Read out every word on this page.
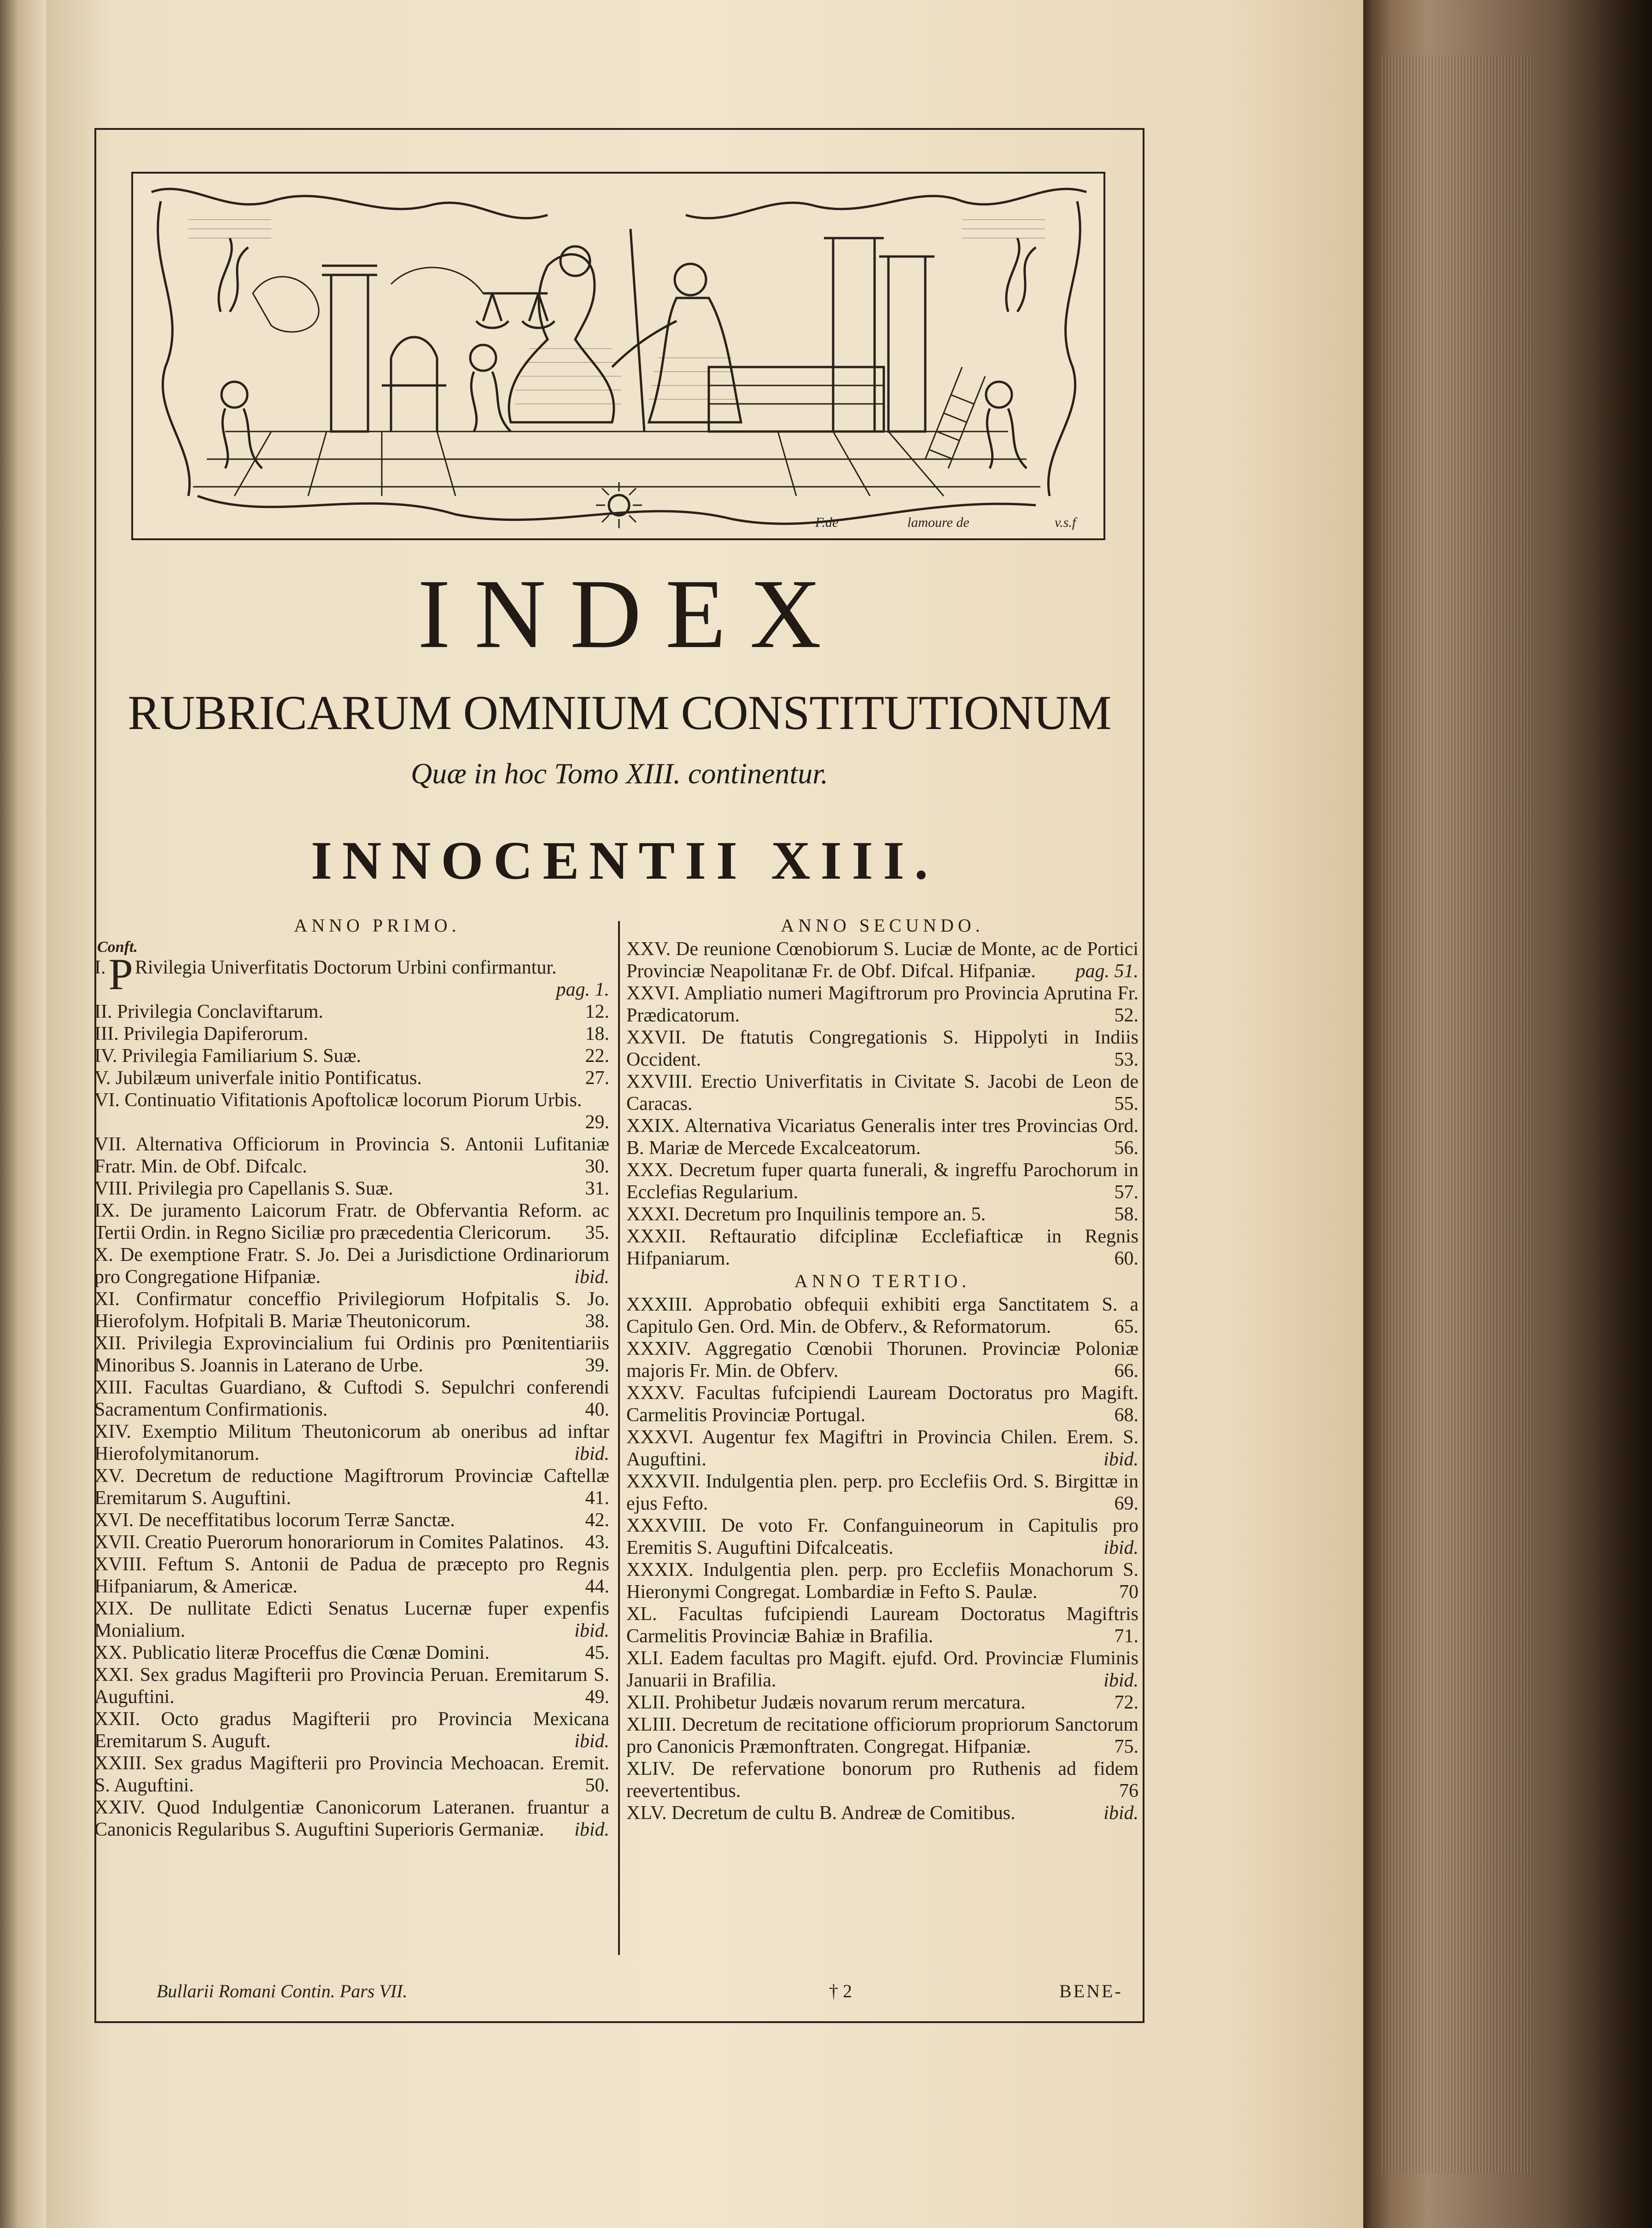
F.de	lamoure de	v.s.f
INDEX
RUBRICARUM OMNIUM CONSTITUTIONUM
Quæ in hoc Tomo XIII. continentur.
INNOCENTII XIII.
ANNO PRIMO.
Conft.
I. P Rivilegia Univerfitatis Doctorum Urbini confirmantur.
pag. 1.
II. Privilegia Conclaviftarum.	12.
III. Privilegia Dapiferorum.	18.
IV. Privilegia Familiarium S. Suæ.	22.
V. Jubilæum univerfale initio Pontificatus.	27.
VI. Continuatio Vifitationis Apoftolicæ locorum Piorum Urbis.
29.
VII. Alternativa Officiorum in Provincia S. Antonii Lufitaniæ Fratr. Min. de Obf. Difcalc.	30.
VIII. Privilegia pro Capellanis S. Suæ.	31.
IX. De juramento Laicorum Fratr. de Obfervantia Reform. ac Tertii Ordin. in Regno Siciliæ pro præcedentia Clericorum. 35.
X. De exemptione Fratr. S. Jo. Dei a Jurisdictione Ordinariorum pro Congregatione Hifpaniæ.	ibid.
XI. Confirmatur conceffio Privilegiorum Hofpitalis S. Jo. Hierofolym. Hofpitali B. Mariæ Theutonicorum.	38.
XII. Privilegia Exprovincialium fui Ordinis pro Pœnitentiariis Minoribus S. Joannis in Laterano de Urbe.	39.
XIII. Facultas Guardiano, & Cuftodi S. Sepulchri conferendi Sacramentum Confirmationis.	40.
XIV. Exemptio Militum Theutonicorum ab oneribus ad inftar Hierofolymitanorum.	ibid.
XV. Decretum de reductione Magiftrorum Provinciæ Caftellæ Eremitarum S. Auguftini.	41.
XVI. De neceffitatibus locorum Terræ Sanctæ.	42.
XVII. Creatio Puerorum honorariorum in Comites Palatinos. 43.
XVIII. Feftum S. Antonii de Padua de præcepto pro Regnis Hifpaniarum, & Americæ.	44.
XIX. De nullitate Edicti Senatus Lucernæ fuper expenfis Monialium.	ibid.
XX. Publicatio literæ Proceffus die Cœnæ Domini.	45.
XXI. Sex gradus Magifterii pro Provincia Peruan. Eremitarum S. Auguftini.	49.
XXII. Octo gradus Magifterii pro Provincia Mexicana Eremitarum S. Auguft.	ibid.
XXIII. Sex gradus Magifterii pro Provincia Mechoacan. Eremit. S. Auguftini.	50.
XXIV. Quod Indulgentiæ Canonicorum Lateranen. fruantur a Canonicis Regularibus S. Auguftini Superioris Germaniæ. ibid.
ANNO SECUNDO.
XXV. De reunione Cœnobiorum S. Luciæ de Monte, ac de Portici Provinciæ Neapolitanæ Fr. de Obf. Difcal. Hifpaniæ. pag. 51.
XXVI. Ampliatio numeri Magiftrorum pro Provincia Aprutina Fr. Prædicatorum.	52.
XXVII. De ftatutis Congregationis S. Hippolyti in Indiis Occident.	53.
XXVIII. Erectio Univerfitatis in Civitate S. Jacobi de Leon de Caracas.	55.
XXIX. Alternativa Vicariatus Generalis inter tres Provincias Ord. B. Mariæ de Mercede Excalceatorum.	56.
XXX. Decretum fuper quarta funerali, & ingreffu Parochorum in Ecclefias Regularium.	57.
XXXI. Decretum pro Inquilinis tempore an. 5.	58.
XXXII. Reftauratio difciplinæ Ecclefiafticæ in Regnis Hifpaniarum.	60.
ANNO TERTIO.
XXXIII. Approbatio obfequii exhibiti erga Sanctitatem S. a Capitulo Gen. Ord. Min. de Obferv., & Reformatorum.	65.
XXXIV. Aggregatio Cœnobii Thorunen. Provinciæ Poloniæ majoris Fr. Min. de Obferv.	66.
XXXV. Facultas fufcipiendi Lauream Doctoratus pro Magift. Carmelitis Provinciæ Portugal.	68.
XXXVI. Augentur fex Magiftri in Provincia Chilen. Erem. S. Auguftini.	ibid.
XXXVII. Indulgentia plen. perp. pro Ecclefiis Ord. S. Birgittæ in ejus Fefto.	69.
XXXVIII. De voto Fr. Confanguineorum in Capitulis pro Eremitis S. Auguftini Difcalceatis.	ibid.
XXXIX. Indulgentia plen. perp. pro Ecclefiis Monachorum S. Hieronymi Congregat. Lombardiæ in Fefto S. Paulæ.	70
XL. Facultas fufcipiendi Lauream Doctoratus Magiftris Carmelitis Provinciæ Bahiæ in Brafilia.	71.
XLI. Eadem facultas pro Magift. ejufd. Ord. Provinciæ Fluminis Januarii in Brafilia.	ibid.
XLII. Prohibetur Judæis novarum rerum mercatura.	72.
XLIII. Decretum de recitatione officiorum propriorum Sanctorum pro Canonicis Præmonftraten. Congregat. Hifpaniæ.	75.
XLIV. De refervatione bonorum pro Ruthenis ad fidem reevertentibus.	76
XLV. Decretum de cultu B. Andreæ de Comitibus.	ibid.
Bullarii Romani Contin. Pars VII.	† 2	BENE-
